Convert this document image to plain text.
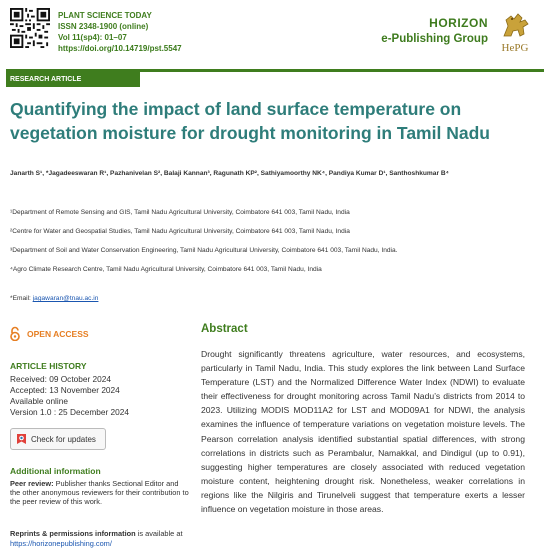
PLANT SCIENCE TODAY
ISSN 2348-1900 (online)
Vol 11(sp4): 01–07
https://doi.org/10.14719/pst.5547
HORIZON
e-Publishing Group
HePG
RESEARCH ARTICLE
Quantifying the impact of land surface temperature on vegetation moisture for drought monitoring in Tamil Nadu
Janarth S¹, *Jagadeeswaran R¹, Pazhanivelan S², Balaji Kannan³, Ragunath KP², Sathiyamoorthy NK⁴, Pandiya Kumar D¹, Santhoshkumar B⁴
¹Department of Remote Sensing and GIS, Tamil Nadu Agricultural University, Coimbatore 641 003, Tamil Nadu, India
²Centre for Water and Geospatial Studies, Tamil Nadu Agricultural University, Coimbatore 641 003, Tamil Nadu, India
³Department of Soil and Water Conservation Engineering, Tamil Nadu Agricultural University, Coimbatore 641 003, Tamil Nadu, India.
⁴Agro Climate Research Centre, Tamil Nadu Agricultural University, Coimbatore 641 003, Tamil Nadu, India
*Email: jagawaran@tnau.ac.in
OPEN ACCESS
ARTICLE HISTORY
Received: 09 October 2024
Accepted: 13 November 2024
Available online
Version 1.0 : 25 December 2024
Check for updates
Additional information
Peer review: Publisher thanks Sectional Editor and the other anonymous reviewers for their contribution to the peer review of this work.
Reprints & permissions information is available at https://horizonepublishing.com/
Abstract

Drought significantly threatens agriculture, water resources, and ecosystems, particularly in Tamil Nadu, India. This study explores the link between Land Surface Temperature (LST) and the Normalized Difference Water Index (NDWI) to evaluate their effectiveness for drought monitoring across Tamil Nadu’s districts from 2014 to 2023. Utilizing MODIS MOD11A2 for LST and MOD09A1 for NDWI, the analysis examines the influence of temperature variations on vegetation moisture levels. The Pearson correlation analysis identified substantial spatial differences, with strong correlations in districts such as Perambalur, Namakkal, and Dindigul (up to 0.91), suggesting higher temperatures are closely associated with reduced vegetation moisture content, heightening drought risk. Nonetheless, weaker correlations in regions like the Nilgiris and Tirunelveli suggest that temperature exerts a lesser influence on vegetation moisture in those areas.
